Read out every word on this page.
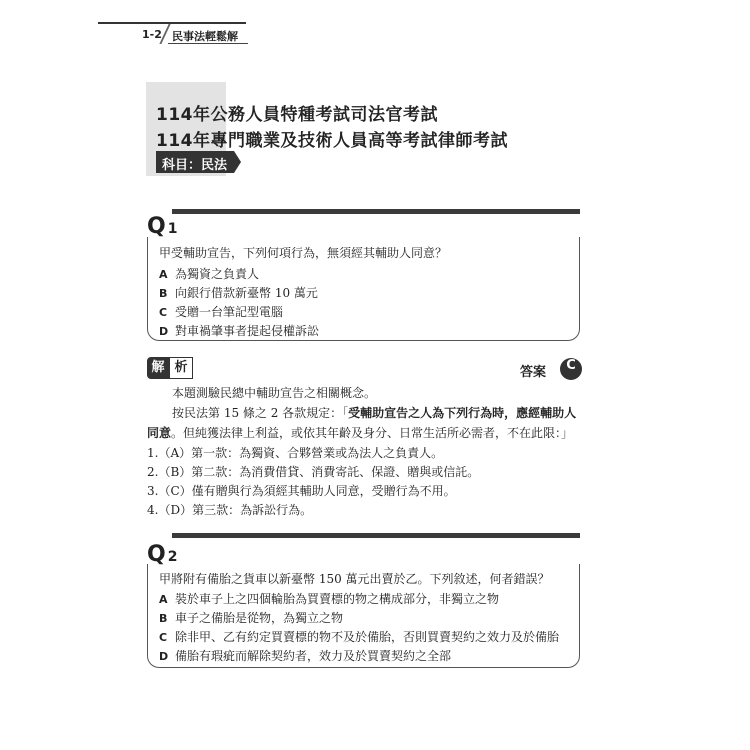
1-2 民事法輕鬆解
114年公務人員特種考試司法官考試
114年專門職業及技術人員高等考試律師考試
科目：民法
Q 1
甲受輔助宣告，下列何項行為，無須經其輔助人同意？
A 為獨資之負責人
B 向銀行借款新臺幣 10 萬元
C 受贈一台筆記型電腦
D 對車禍肇事者提起侵權訴訟
解 析	答案	C
本題測驗民總中輔助宣告之相關概念。
按民法第 15 條之 2 各款規定：「受輔助宣告之人為下列行為時，應經輔助人
同意。但純獲法律上利益，或依其年齡及身分、日常生活所必需者，不在此限：」
1.（A）第一款：為獨資、合夥營業或為法人之負責人。
2.（B）第二款：為消費借貸、消費寄託、保證、贈與或信託。
3.（C）僅有贈與行為須經其輔助人同意，受贈行為不用。
4.（D）第三款：為訴訟行為。
Q 2
甲將附有備胎之貨車以新臺幣 150 萬元出賣於乙。下列敘述，何者錯誤？
A 裝於車子上之四個輪胎為買賣標的物之構成部分，非獨立之物
B 車子之備胎是從物，為獨立之物
C 除非甲、乙有約定買賣標的物不及於備胎，否則買賣契約之效力及於備胎
D 備胎有瑕疵而解除契約者，效力及於買賣契約之全部
